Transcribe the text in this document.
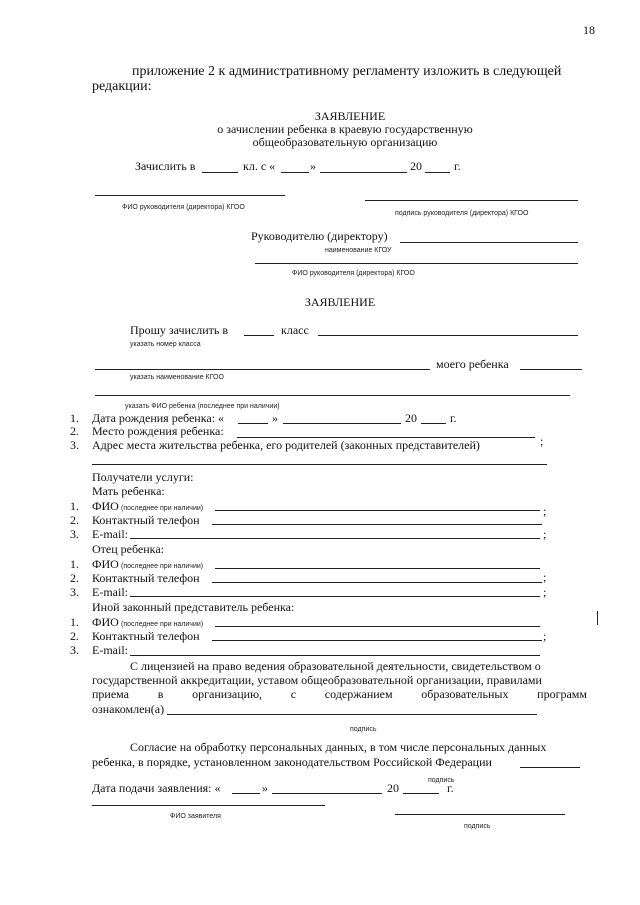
18
приложение 2 к административному регламенту изложить в следующей
редакции:
ЗАЯВЛЕНИЕ
о зачислении ребенка в краевую государственную
общеобразовательную организацию
Зачислить в	кл. с «	»	20	г.
ФИО руководителя (директора) КГОО
подпись руководителя (директора) КГОО
Руководителю (директору)
наименование КГОУ
ФИО руководителя (директора) КГОО
ЗАЯВЛЕНИЕ
Прошу зачислить в	класс
указать номер класса
моего ребенка
указать наименование КГОО
указать ФИО ребенка (последнее при наличии)
1. Дата рождения ребенка: «	»	20	г.
2. Место рождения ребенка:
3. Адрес места жительства ребенка, его родителей (законных представителей)	;
Получатели услуги:
Мать ребенка:
1. ФИО (последнее при наличии)	;
2. Контактный телефон
3. E-mail:	;
Отец ребенка:
1. ФИО (последнее при наличии)
2. Контактный телефон	;
3. E-mail:	;
Иной законный представитель ребенка:
1. ФИО (последнее при наличии)
2. Контактный телефон	;
3. E-mail:
С лицензией на право ведения образовательной деятельности, свидетельством о
государственной аккредитации, уставом общеобразовательной организации, правилами
приема в организацию, с содержанием образовательных программ
ознакомлен(а)
подпись
Согласие на обработку персональных данных, в том числе персональных данных
ребенка, в порядке, установленном законодательством Российской Федерации
подпись
Дата подачи заявления: «	»	20	г.
ФИО заявителя
подпись
